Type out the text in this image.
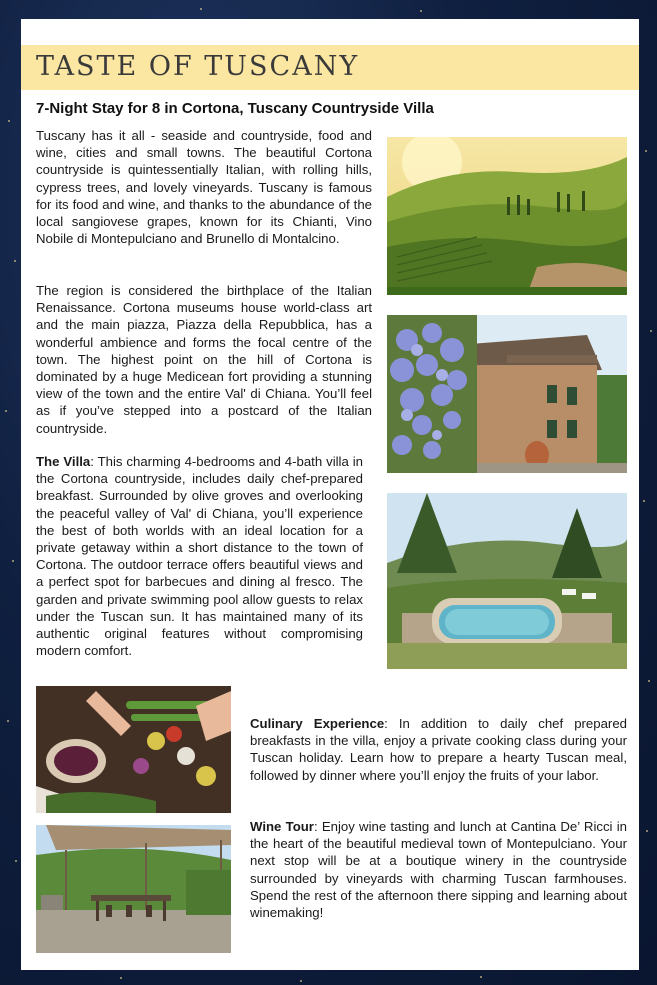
TASTE OF TUSCANY
7-Night Stay for 8 in Cortona, Tuscany Countryside Villa

Tuscany has it all - seaside and countryside, food and wine, cities and small towns. The beautiful Cortona countryside is quintessentially Italian, with rolling hills, cypress trees, and lovely vineyards. Tuscany is famous for its food and wine, and thanks to the abundance of the local sangiovese grapes, known for its Chianti, Vino Nobile di Montepulciano and Brunello di Montalcino.

The region is considered the birthplace of the Italian Renaissance. Cortona museums house world-class art and the main piazza, Piazza della Repubblica, has a wonderful ambience and forms the focal centre of the town. The highest point on the hill of Cortona is dominated by a huge Medicean fort providing a stunning view of the town and the entire Val' di Chiana. You’ll feel as if you’ve stepped into a postcard of the Italian countryside.

The Villa: This charming 4-bedrooms and 4-bath villa in the Cortona countryside, includes daily chef-prepared breakfast. Surrounded by olive groves and overlooking the peaceful valley of Val' di Chiana, you’ll experience the best of both worlds with an ideal location for a private getaway within a short distance to the town of Cortona. The outdoor terrace offers beautiful views and a perfect spot for barbecues and dining al fresco. The garden and private swimming pool allow guests to relax under the Tuscan sun. It has maintained many of its authentic original features without compromising modern comfort.

Culinary Experience: In addition to daily chef prepared breakfasts in the villa, enjoy a private cooking class during your Tuscan holiday. Learn how to prepare a hearty Tuscan meal, followed by dinner where you’ll enjoy the fruits of your labor.

Wine Tour: Enjoy wine tasting and lunch at Cantina De’ Ricci in the heart of the beautiful medieval town of Montepulciano. Your next stop will be at a boutique winery in the countryside surrounded by vineyards with charming Tuscan farmhouses. Spend the rest of the afternoon there sipping and learning about winemaking!
